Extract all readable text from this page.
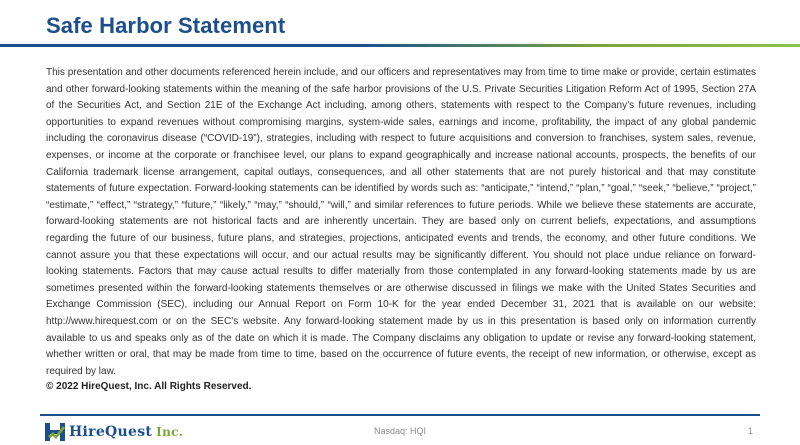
Safe Harbor Statement

This presentation and other documents referenced herein include, and our officers and representatives may from time to time make or provide, certain estimates and other forward-looking statements within the meaning of the safe harbor provisions of the U.S. Private Securities Litigation Reform Act of 1995, Section 27A of the Securities Act, and Section 21E of the Exchange Act including, among others, statements with respect to the Company’s future revenues, including opportunities to expand revenues without compromising margins, system-wide sales, earnings and income, profitability, the impact of any global pandemic including the coronavirus disease (“COVID-19”), strategies, including with respect to future acquisitions and conversion to franchises, system sales, revenue, expenses, or income at the corporate or franchisee level, our plans to expand geographically and increase national accounts, prospects, the benefits of our California trademark license arrangement, capital outlays, consequences, and all other statements that are not purely historical and that may constitute statements of future expectation. Forward-looking statements can be identified by words such as: “anticipate,” “intend,” “plan,” “goal,” “seek,” “believe,” “project,” “estimate,” “effect,” “strategy,” “future,” “likely,” “may,” “should,” “will,” and similar references to future periods. While we believe these statements are accurate, forward-looking statements are not historical facts and are inherently uncertain. They are based only on current beliefs, expectations, and assumptions regarding the future of our business, future plans, and strategies, projections, anticipated events and trends, the economy, and other future conditions. We cannot assure you that these expectations will occur, and our actual results may be significantly different. You should not place undue reliance on forward-looking statements. Factors that may cause actual results to differ materially from those contemplated in any forward-looking statements made by us are sometimes presented within the forward-looking statements themselves or are otherwise discussed in filings we make with the United States Securities and Exchange Commission (SEC), including our Annual Report on Form 10-K for the year ended December 31, 2021 that is available on our website: http://www.hirequest.com or on the SEC’s website. Any forward-looking statement made by us in this presentation is based only on information currently available to us and speaks only as of the date on which it is made. The Company disclaims any obligation to update or revise any forward-looking statement, whether written or oral, that may be made from time to time, based on the occurrence of future events, the receipt of new information, or otherwise, except as required by law.

© 2022 HireQuest, Inc. All Rights Reserved.
HireQuest Inc.	Nasdaq: HQI	1
